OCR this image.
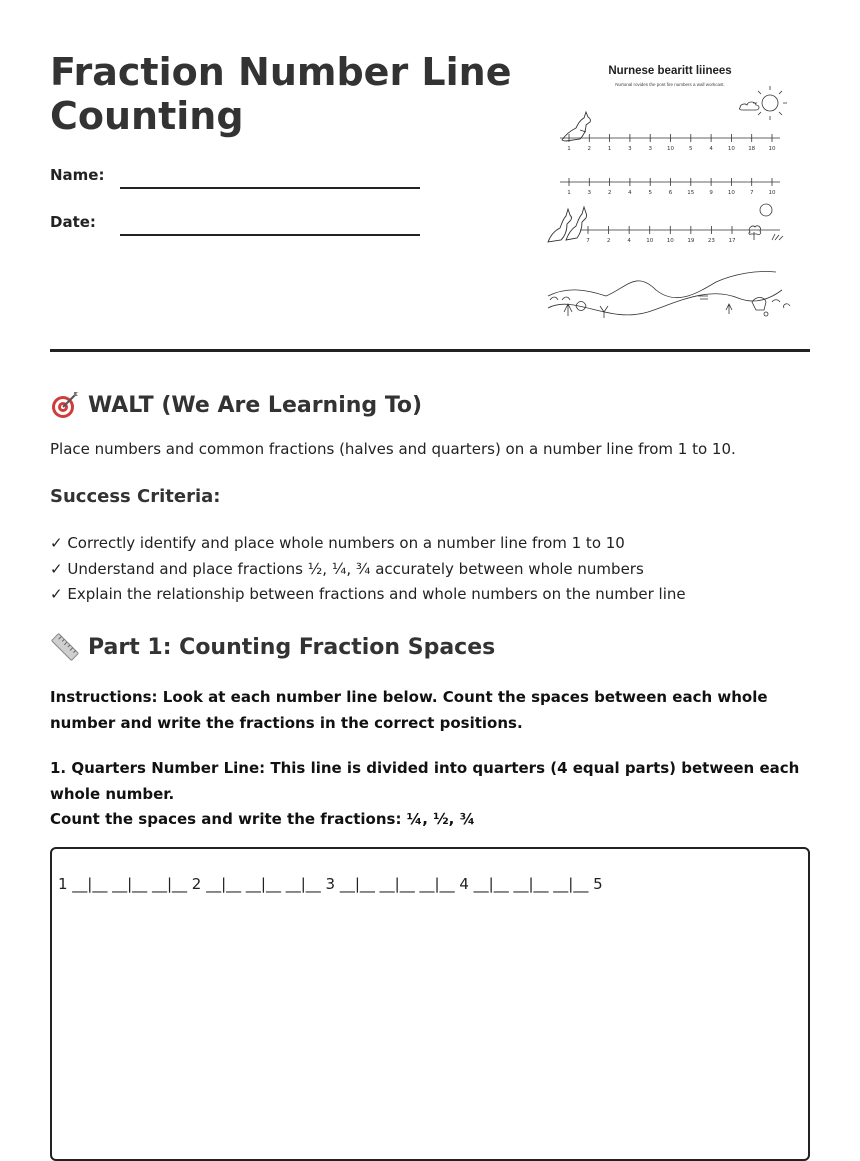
Fraction Number Line Counting
Name:
Date:
Nurnese bearitt liinees
Nurtonal rovides the pont fire numbers a wall workcast.
1	2	1	3	3	10	5	4	10 18 10
1	3	2	4	5	6	15	9	10	7	10
7	2	4	10 10 19 23 17
WALT (We Are Learning To)
Place numbers and common fractions (halves and quarters) on a number line from 1 to 10.
Success Criteria:
✓ Correctly identify and place whole numbers on a number line from 1 to 10
✓ Understand and place fractions ½, ¼, ¾ accurately between whole numbers
✓ Explain the relationship between fractions and whole numbers on the number line
Part 1: Counting Fraction Spaces
Instructions: Look at each number line below. Count the spaces between each whole number and write the fractions in the correct positions.
1. Quarters Number Line: This line is divided into quarters (4 equal parts) between each whole number.
Count the spaces and write the fractions: ¼, ½, ¾
1 __|__ __|__ __|__ 2 __|__ __|__ __|__ 3 __|__ __|__ __|__ 4 __|__ __|__ __|__ 5
